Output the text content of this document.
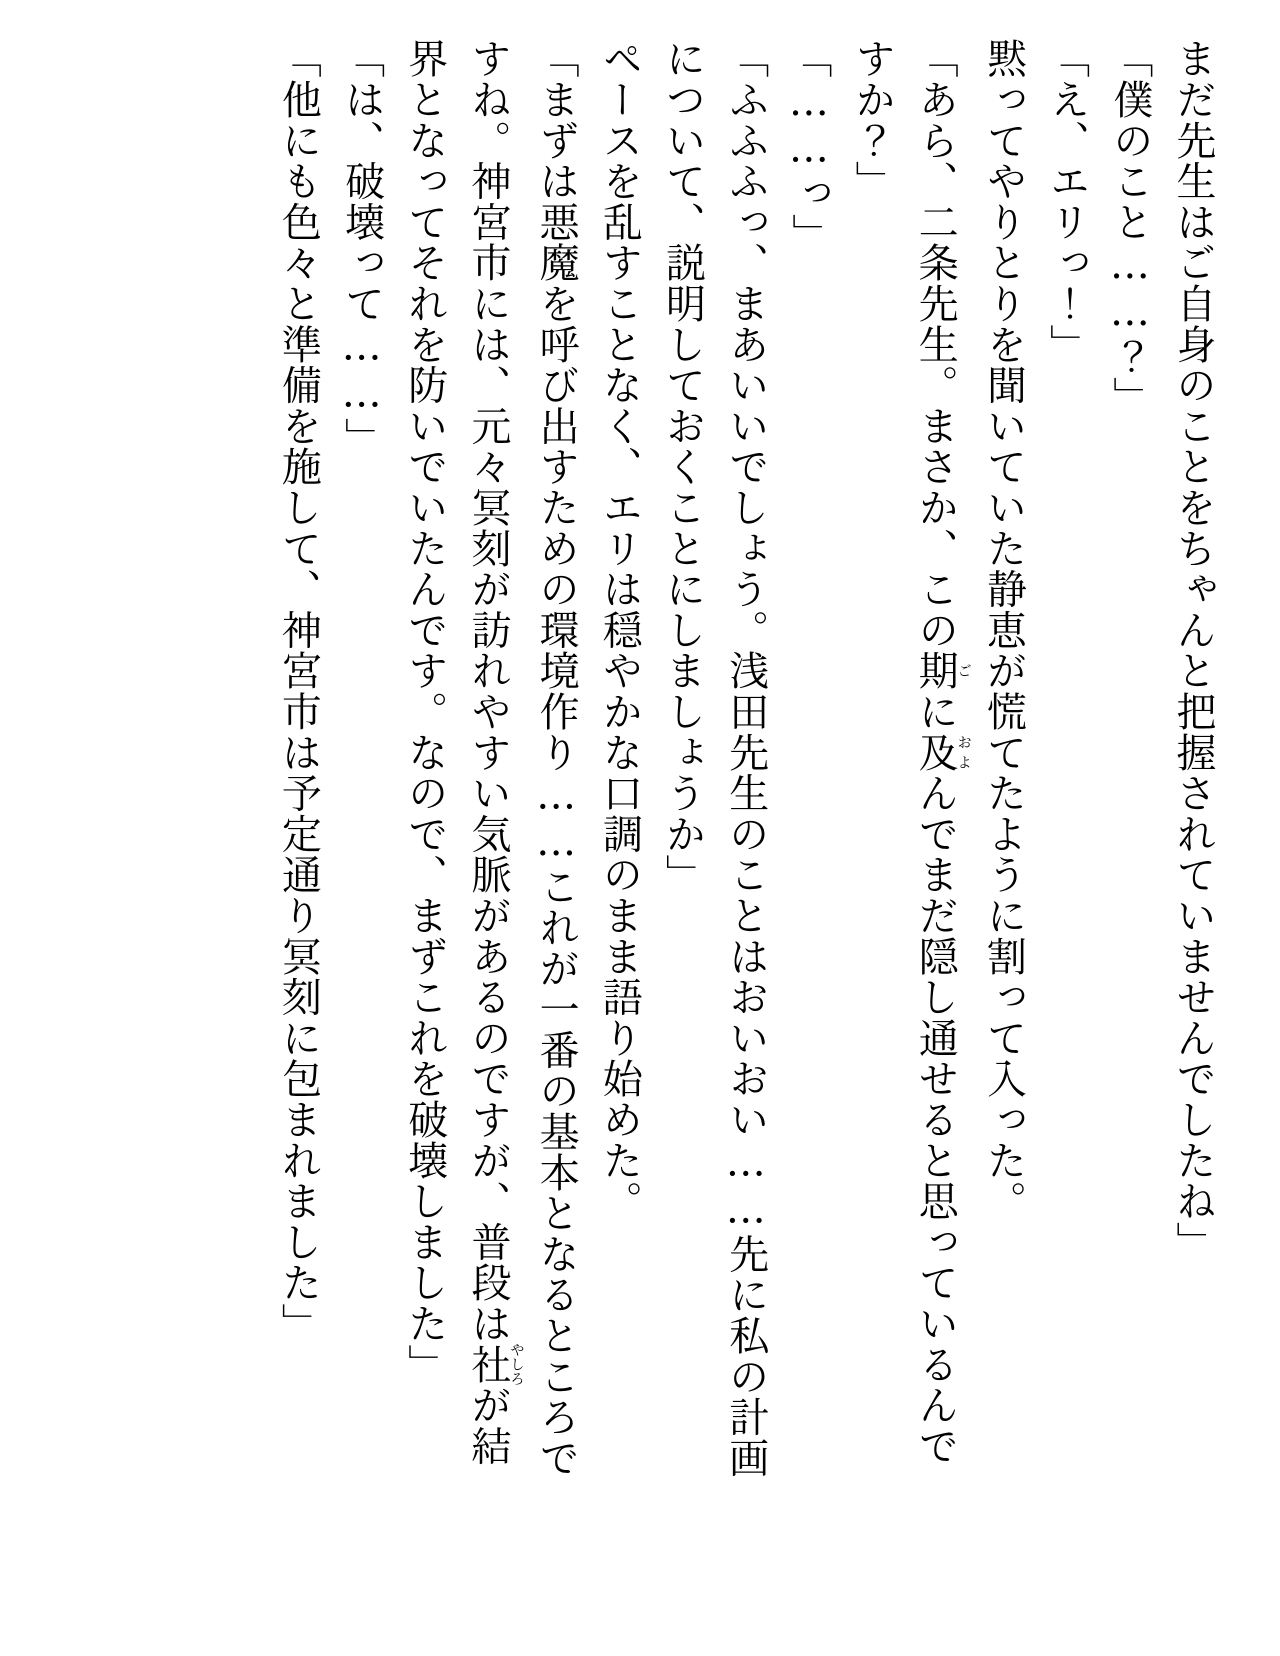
まだ先生はご自身のことをちゃんと把握されていませんでしたね」

「僕のこと……？」

「え、エリっ！」

黙ってやりとりを聞いていた静恵が慌てたように割って入った。

「あら、二条先生。まさか、この期ごに及およんでまだ隠し通せると思っているんで

すか？」

「……っ」

「ふふふっ、まあいいでしょう。浅田先生のことはおいおい……先に私の計画

について、説明しておくことにしましょうか」

ペースを乱すことなく、エリは穏やかな口調のまま語り始めた。

「まずは悪魔を呼び出すための環境作り……これが一番の基本となるところで

すね。神宮市には、元々冥刻が訪れやすい気脈があるのですが、普段は社やしろが結

界となってそれを防いでいたんです。なので、まずこれを破壊しました」

「は、破壊って……」

「他にも色々と準備を施して、神宮市は予定通り冥刻に包まれました」
